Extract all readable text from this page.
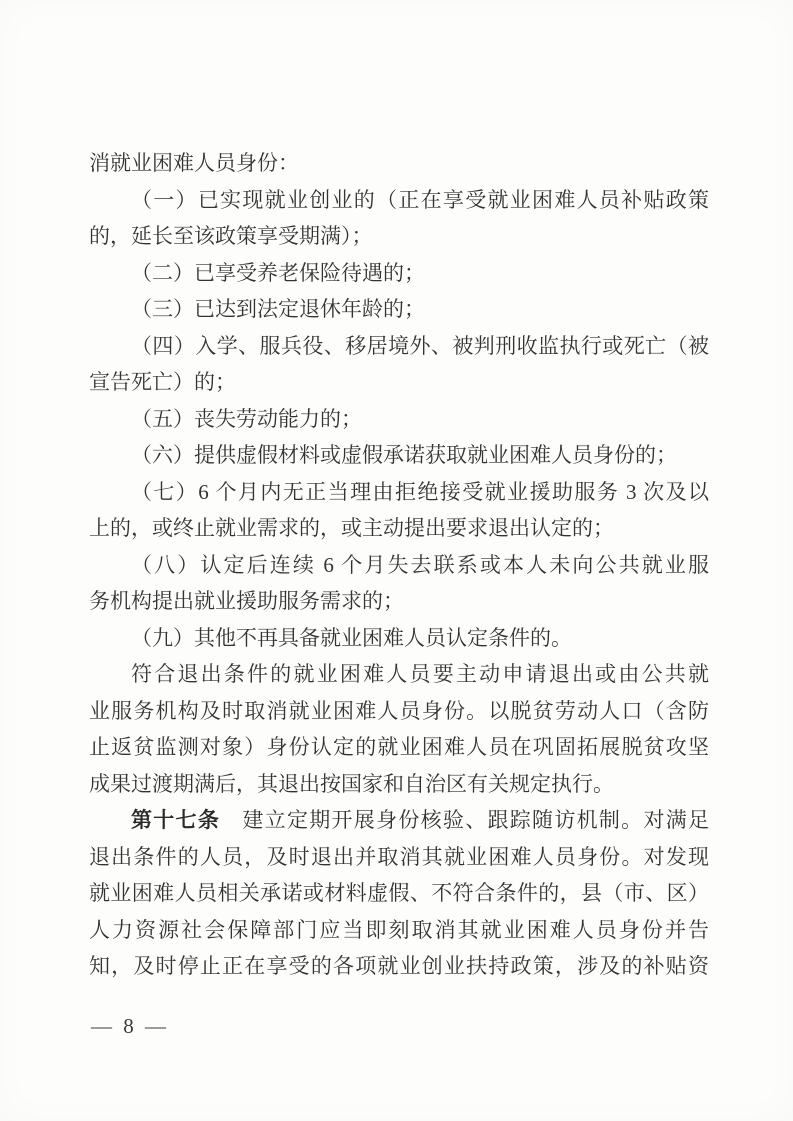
消就业困难人员身份：
（一）已实现就业创业的（正在享受就业困难人员补贴政策
的，延长至该政策享受期满）；
（二）已享受养老保险待遇的；
（三）已达到法定退休年龄的；
（四）入学、服兵役、移居境外、被判刑收监执行或死亡（被
宣告死亡）的；
（五）丧失劳动能力的；
（六）提供虚假材料或虚假承诺获取就业困难人员身份的；
（七）6 个月内无正当理由拒绝接受就业援助服务 3 次及以
上的，或终止就业需求的，或主动提出要求退出认定的；
（八）认定后连续 6 个月失去联系或本人未向公共就业服
务机构提出就业援助服务需求的；
（九）其他不再具备就业困难人员认定条件的。
符合退出条件的就业困难人员要主动申请退出或由公共就
业服务机构及时取消就业困难人员身份。以脱贫劳动人口（含防
止返贫监测对象）身份认定的就业困难人员在巩固拓展脱贫攻坚
成果过渡期满后，其退出按国家和自治区有关规定执行。
第十七条　建立定期开展身份核验、跟踪随访机制。对满足
退出条件的人员，及时退出并取消其就业困难人员身份。对发现
就业困难人员相关承诺或材料虚假、不符合条件的，县（市、区）
人力资源社会保障部门应当即刻取消其就业困难人员身份并告
知，及时停止正在享受的各项就业创业扶持政策，涉及的补贴资
— 8 —
